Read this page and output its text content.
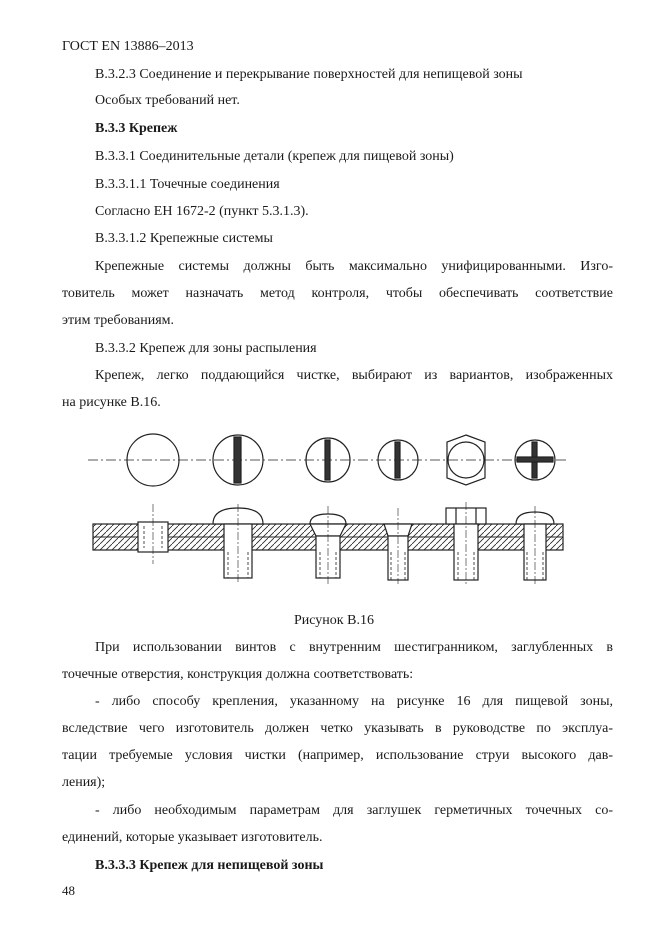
ГОСТ EN 13886–2013
В.3.2.3 Соединение и перекрывание поверхностей для непищевой зоны
Особых требований нет.
В.3.3 Крепеж
В.3.3.1 Соединительные детали (крепеж для пищевой зоны)
В.3.3.1.1 Точечные соединения
Согласно ЕН 1672-2 (пункт 5.3.1.3).
В.3.3.1.2 Крепежные системы
Крепежные системы должны быть максимально унифицированными. Изго-
товитель может назначать метод контроля, чтобы обеспечивать соответствие
этим требованиям.
В.3.3.2 Крепеж для зоны распыления
Крепеж, легко поддающийся чистке, выбирают из вариантов, изображенных
на рисунке В.16.
Рисунок В.16
При использовании винтов с внутренним шестигранником, заглубленных в
точечные отверстия, конструкция должна соответствовать:
- либо способу крепления, указанному на рисунке 16 для пищевой зоны,
вследствие чего изготовитель должен четко указывать в руководстве по эксплуа-
тации требуемые условия чистки (например, использование струи высокого дав-
ления);
- либо необходимым параметрам для заглушек герметичных точечных со-
единений, которые указывает изготовитель.
В.3.3.3 Крепеж для непищевой зоны
48
